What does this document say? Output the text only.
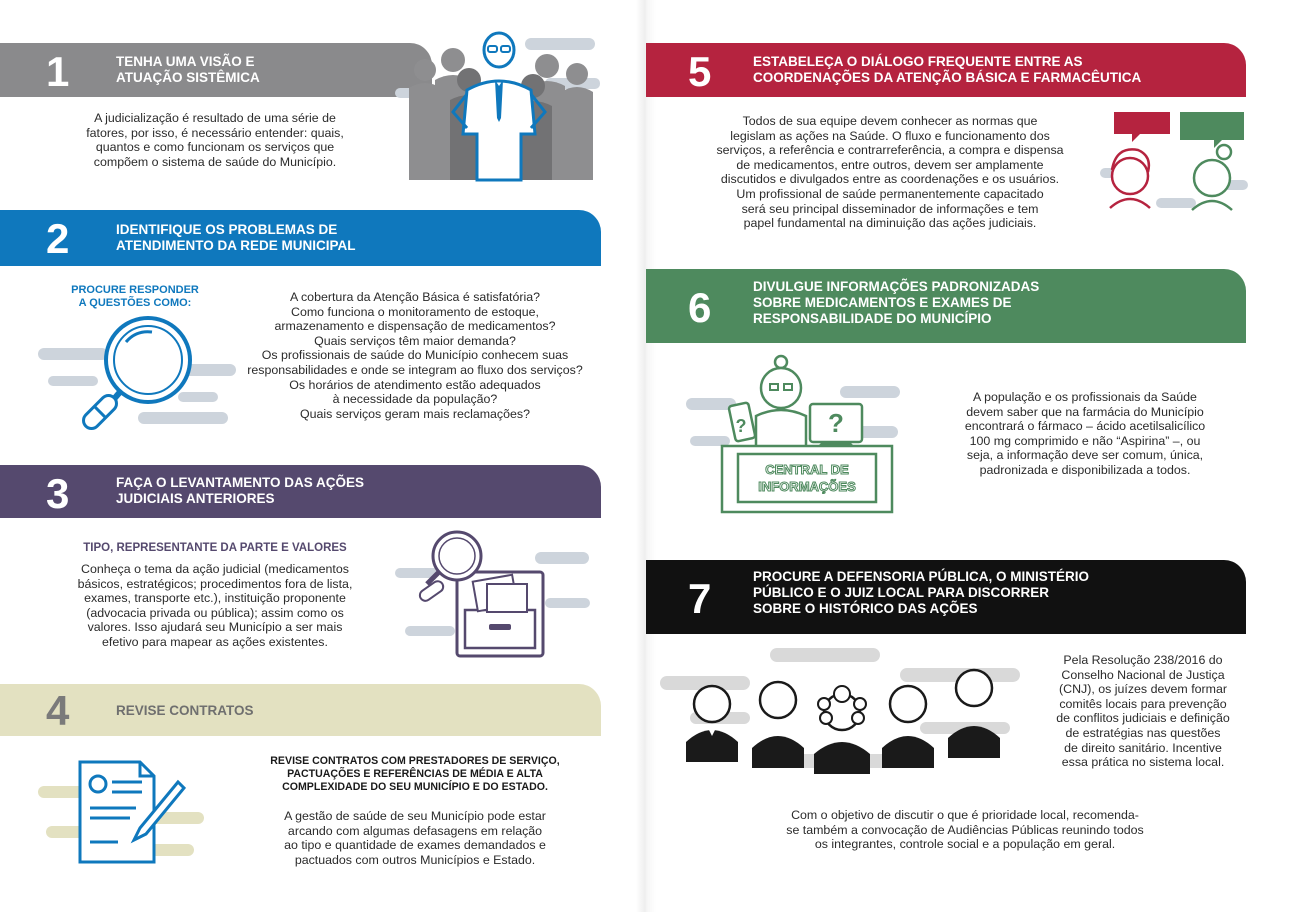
1	TENHA UMA VISÃO E
ATUAÇÃO SISTÊMICA
A judicialização é resultado de uma série de
fatores, por isso, é necessário entender: quais,
quantos e como funcionam os serviços que
compõem o sistema de saúde do Município.
2	IDENTIFIQUE OS PROBLEMAS DE
ATENDIMENTO DA REDE MUNICIPAL
PROCURE RESPONDER
A QUESTÕES COMO:	A cobertura da Atenção Básica é satisfatória?
Como funciona o monitoramento de estoque,
armazenamento e dispensação de medicamentos?
Quais serviços têm maior demanda?
Os profissionais de saúde do Município conhecem suas
responsabilidades e onde se integram ao fluxo dos serviços?
Os horários de atendimento estão adequados
à necessidade da população?
Quais serviços geram mais reclamações?
3	FAÇA O LEVANTAMENTO DAS AÇÕES
JUDICIAIS ANTERIORES
TIPO, REPRESENTANTE DA PARTE E VALORES
Conheça o tema da ação judicial (medicamentos
básicos, estratégicos; procedimentos fora de lista,
exames, transporte etc.), instituição proponente
(advocacia privada ou pública); assim como os
valores. Isso ajudará seu Município a ser mais
efetivo para mapear as ações existentes.
4	REVISE CONTRATOS
REVISE CONTRATOS COM PRESTADORES DE SERVIÇO,
PACTUAÇÕES E REFERÊNCIAS DE MÉDIA E ALTA
COMPLEXIDADE DO SEU MUNICÍPIO E DO ESTADO.
A gestão de saúde de seu Município pode estar
arcando com algumas defasagens em relação
ao tipo e quantidade de exames demandados e
pactuados com outros Municípios e Estado.
5	ESTABELEÇA O DIÁLOGO FREQUENTE ENTRE AS
COORDENAÇÕES DA ATENÇÃO BÁSICA E FARMACÊUTICA
Todos de sua equipe devem conhecer as normas que
legislam as ações na Saúde. O fluxo e funcionamento dos
serviços, a referência e contrarreferência, a compra e dispensa
de medicamentos, entre outros, devem ser amplamente
discutidos e divulgados entre as coordenações e os usuários.
Um profissional de saúde permanentemente capacitado
será seu principal disseminador de informações e tem
papel fundamental na diminuição das ações judiciais.
6	DIVULGUE INFORMAÇÕES PADRONIZADAS
SOBRE MEDICAMENTOS E EXAMES DE
RESPONSABILIDADE DO MUNICÍPIO
?
?
CENTRAL DE
INFORMAÇÕES
A população e os profissionais da Saúde
devem saber que na farmácia do Município
encontrará o fármaco – ácido acetilsalicílico
100 mg comprimido e não “Aspirina” –, ou
seja, a informação deve ser comum, única,
padronizada e disponibilizada a todos.
7	PROCURE A DEFENSORIA PÚBLICA, O MINISTÉRIO
PÚBLICO E O JUIZ LOCAL PARA DISCORRER
SOBRE O HISTÓRICO DAS AÇÕES
Pela Resolução 238/2016 do
Conselho Nacional de Justiça
(CNJ), os juízes devem formar
comitês locais para prevenção
de conflitos judiciais e definição
de estratégias nas questões
de direito sanitário. Incentive
essa prática no sistema local.
Com o objetivo de discutir o que é prioridade local, recomenda-
se também a convocação de Audiências Públicas reunindo todos
os integrantes, controle social e a população em geral.
